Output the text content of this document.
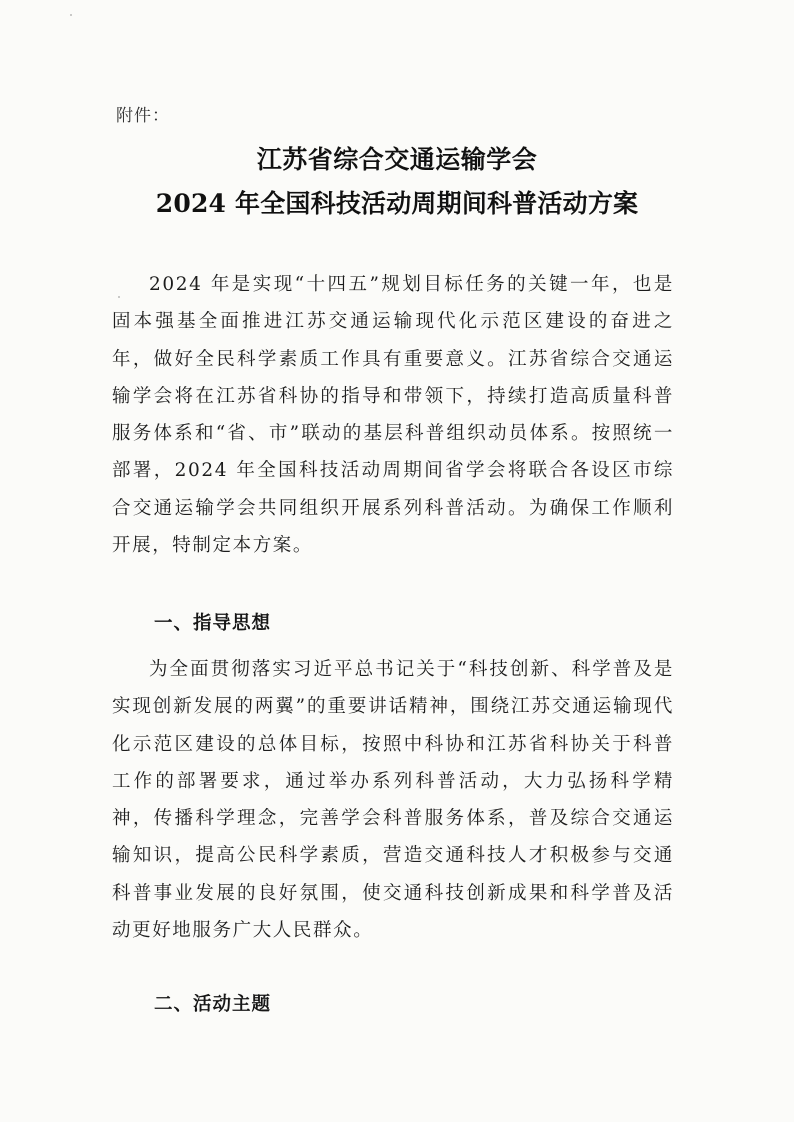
附件：
江苏省综合交通运输学会
2024 年全国科技活动周期间科普活动方案
2024 年是实现“十四五”规划目标任务的关键一年，也是固本强基全面推进江苏交通运输现代化示范区建设的奋进之年，做好全民科学素质工作具有重要意义。江苏省综合交通运输学会将在江苏省科协的指导和带领下，持续打造高质量科普服务体系和“省、市”联动的基层科普组织动员体系。按照统一部署，2024 年全国科技活动周期间省学会将联合各设区市综合交通运输学会共同组织开展系列科普活动。为确保工作顺利开展，特制定本方案。
一、指导思想
为全面贯彻落实习近平总书记关于“科技创新、科学普及是实现创新发展的两翼”的重要讲话精神，围绕江苏交通运输现代化示范区建设的总体目标，按照中科协和江苏省科协关于科普工作的部署要求，通过举办系列科普活动，大力弘扬科学精神，传播科学理念，完善学会科普服务体系，普及综合交通运输知识，提高公民科学素质，营造交通科技人才积极参与交通科普事业发展的良好氛围，使交通科技创新成果和科学普及活动更好地服务广大人民群众。
二、活动主题
